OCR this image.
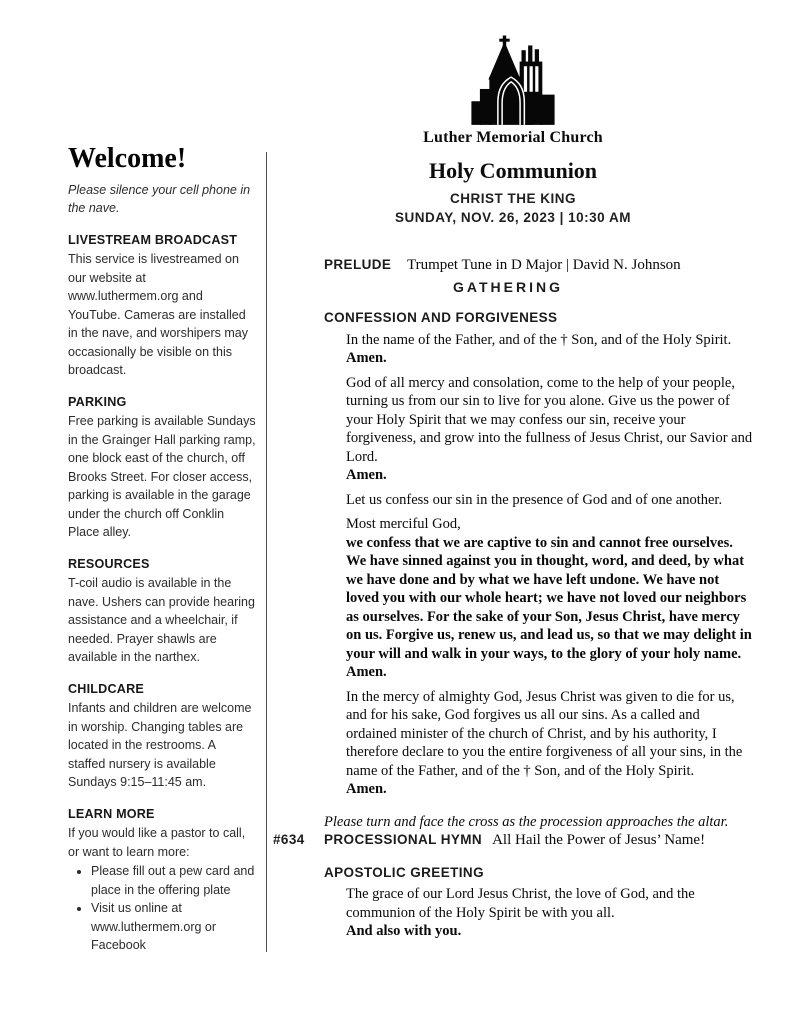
Luther Memorial Church
Holy Communion
CHRIST THE KING
SUNDAY, NOV. 26, 2023 | 10:30 AM
Welcome!

Please silence your cell phone in the nave.

LIVESTREAM BROADCAST

This service is livestreamed on our website at www.luthermem.org and YouTube. Cameras are installed in the nave, and worshipers may occasionally be visible on this broadcast.

PARKING

Free parking is available Sundays in the Grainger Hall parking ramp, one block east of the church, off Brooks Street. For closer access, parking is available in the garage under the church off Conklin Place alley.

RESOURCES

T-coil audio is available in the nave. Ushers can provide hearing assistance and a wheelchair, if needed. Prayer shawls are available in the narthex.

CHILDCARE

Infants and children are welcome in worship. Changing tables are located in the restrooms. A staffed nursery is available Sundays 9:15–11:45 am.

LEARN MORE

If you would like a pastor to call, or want to learn more:

• Please fill out a pew card and place in the offering plate
• Visit us online at www.luthermem.org or Facebook
PRELUDE Trumpet Tune in D Major | David N. Johnson
GATHERING
CONFESSION AND FORGIVENESS

In the name of the Father, and of the † Son, and of the Holy Spirit.
Amen.

God of all mercy and consolation, come to the help of your people, turning us from our sin to live for you alone. Give us the power of your Holy Spirit that we may confess our sin, receive your forgiveness, and grow into the fullness of Jesus Christ, our Savior and Lord.
Amen.

Let us confess our sin in the presence of God and of one another.

Most merciful God,
we confess that we are captive to sin and cannot free ourselves. We have sinned against you in thought, word, and deed, by what we have done and by what we have left undone. We have not loved you with our whole heart; we have not loved our neighbors as ourselves. For the sake of your Son, Jesus Christ, have mercy on us. Forgive us, renew us, and lead us, so that we may delight in your will and walk in your ways, to the glory of your holy name. Amen.

In the mercy of almighty God, Jesus Christ was given to die for us, and for his sake, God forgives us all our sins. As a called and ordained minister of the church of Christ, and by his authority, I therefore declare to you the entire forgiveness of all your sins, in the name of the Father, and of the † Son, and of the Holy Spirit.
Amen.

Please turn and face the cross as the procession approaches the altar.

#634	PROCESSIONAL HYMN All Hail the Power of Jesus’ Name!
APOSTOLIC GREETING

The grace of our Lord Jesus Christ, the love of God, and the communion of the Holy Spirit be with you all.
And also with you.
